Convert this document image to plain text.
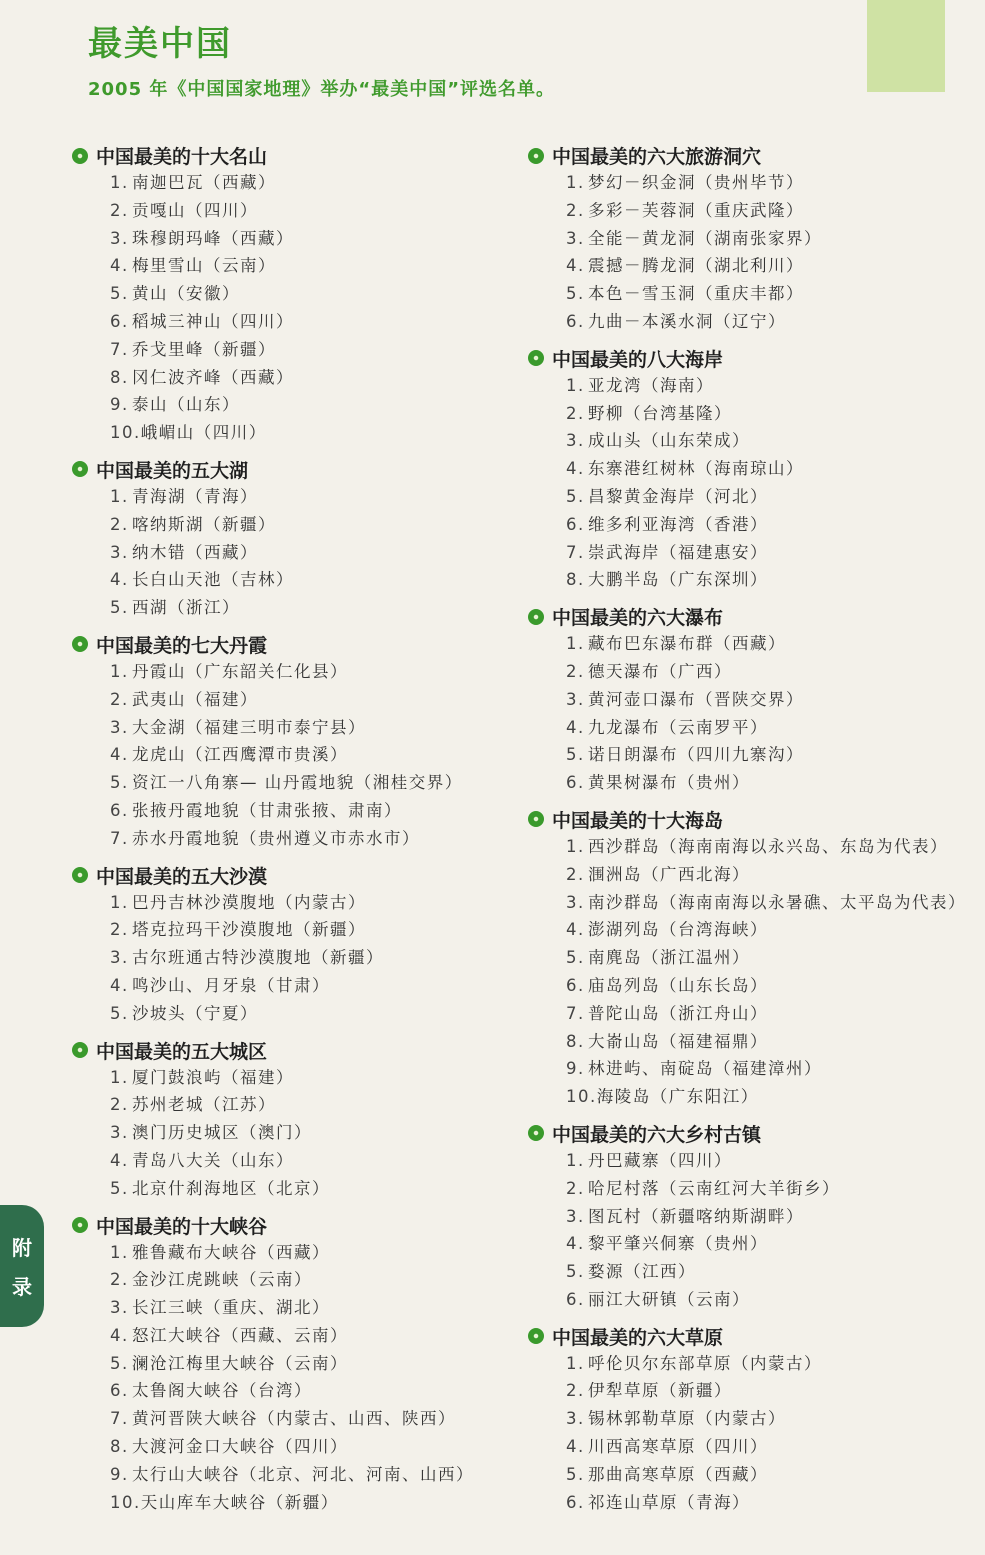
最美中国
2005 年《中国国家地理》举办“最美中国”评选名单。
中国最美的十大名山
1. 南迦巴瓦（西藏）
2. 贡嘎山（四川）
3. 珠穆朗玛峰（西藏）
4. 梅里雪山（云南）
5. 黄山（安徽）
6. 稻城三神山（四川）
7. 乔戈里峰（新疆）
8. 冈仁波齐峰（西藏）
9. 泰山（山东）
10.峨嵋山（四川）
中国最美的五大湖
1. 青海湖（青海）
2. 喀纳斯湖（新疆）
3. 纳木错（西藏）
4. 长白山天池（吉林）
5. 西湖（浙江）
中国最美的七大丹霞
1. 丹霞山（广东韶关仁化县）
2. 武夷山（福建）
3. 大金湖（福建三明市泰宁县）
4. 龙虎山（江西鹰潭市贵溪）
5. 资江一八角寨— 山丹霞地貌（湘桂交界）
6. 张掖丹霞地貌（甘肃张掖、肃南）
7. 赤水丹霞地貌（贵州遵义市赤水市）
中国最美的五大沙漠
1. 巴丹吉林沙漠腹地（内蒙古）
2. 塔克拉玛干沙漠腹地（新疆）
3. 古尔班通古特沙漠腹地（新疆）
4. 鸣沙山、月牙泉（甘肃）
5. 沙坡头（宁夏）
中国最美的五大城区
1. 厦门鼓浪屿（福建）
2. 苏州老城（江苏）
3. 澳门历史城区（澳门）
4. 青岛八大关（山东）
5. 北京什刹海地区（北京）
中国最美的十大峡谷
1. 雅鲁藏布大峡谷（西藏）
2. 金沙江虎跳峡（云南）
3. 长江三峡（重庆、湖北）
4. 怒江大峡谷（西藏、云南）
5. 澜沧江梅里大峡谷（云南）
6. 太鲁阁大峡谷（台湾）
7. 黄河晋陕大峡谷（内蒙古、山西、陕西）
8. 大渡河金口大峡谷（四川）
9. 太行山大峡谷（北京、河北、河南、山西）
10.天山库车大峡谷（新疆）
中国最美的六大旅游洞穴
1. 梦幻－织金洞（贵州毕节）
2. 多彩－芙蓉洞（重庆武隆）
3. 全能－黄龙洞（湖南张家界）
4. 震撼－腾龙洞（湖北利川）
5. 本色－雪玉洞（重庆丰都）
6. 九曲－本溪水洞（辽宁）
中国最美的八大海岸
1. 亚龙湾（海南）
2. 野柳（台湾基隆）
3. 成山头（山东荣成）
4. 东寨港红树林（海南琼山）
5. 昌黎黄金海岸（河北）
6. 维多利亚海湾（香港）
7. 崇武海岸（福建惠安）
8. 大鹏半岛（广东深圳）
中国最美的六大瀑布
1. 藏布巴东瀑布群（西藏）
2. 德天瀑布（广西）
3. 黄河壶口瀑布（晋陕交界）
4. 九龙瀑布（云南罗平）
5. 诺日朗瀑布（四川九寨沟）
6. 黄果树瀑布（贵州）
中国最美的十大海岛
1. 西沙群岛（海南南海以永兴岛、东岛为代表）
2. 涠洲岛（广西北海）
3. 南沙群岛（海南南海以永暑礁、太平岛为代表）
4. 澎湖列岛（台湾海峡）
5. 南麂岛（浙江温州）
6. 庙岛列岛（山东长岛）
7. 普陀山岛（浙江舟山）
8. 大嵛山岛（福建福鼎）
9. 林进屿、南碇岛（福建漳州）
10.海陵岛（广东阳江）
中国最美的六大乡村古镇
1. 丹巴藏寨（四川）
2. 哈尼村落（云南红河大羊街乡）
3. 图瓦村（新疆喀纳斯湖畔）
4. 黎平肇兴侗寨（贵州）
5. 婺源（江西）
6. 丽江大研镇（云南）
中国最美的六大草原
1. 呼伦贝尔东部草原（内蒙古）
2. 伊犁草原（新疆）
3. 锡林郭勒草原（内蒙古）
4. 川西高寒草原（四川）
5. 那曲高寒草原（西藏）
6. 祁连山草原（青海）
附
录
